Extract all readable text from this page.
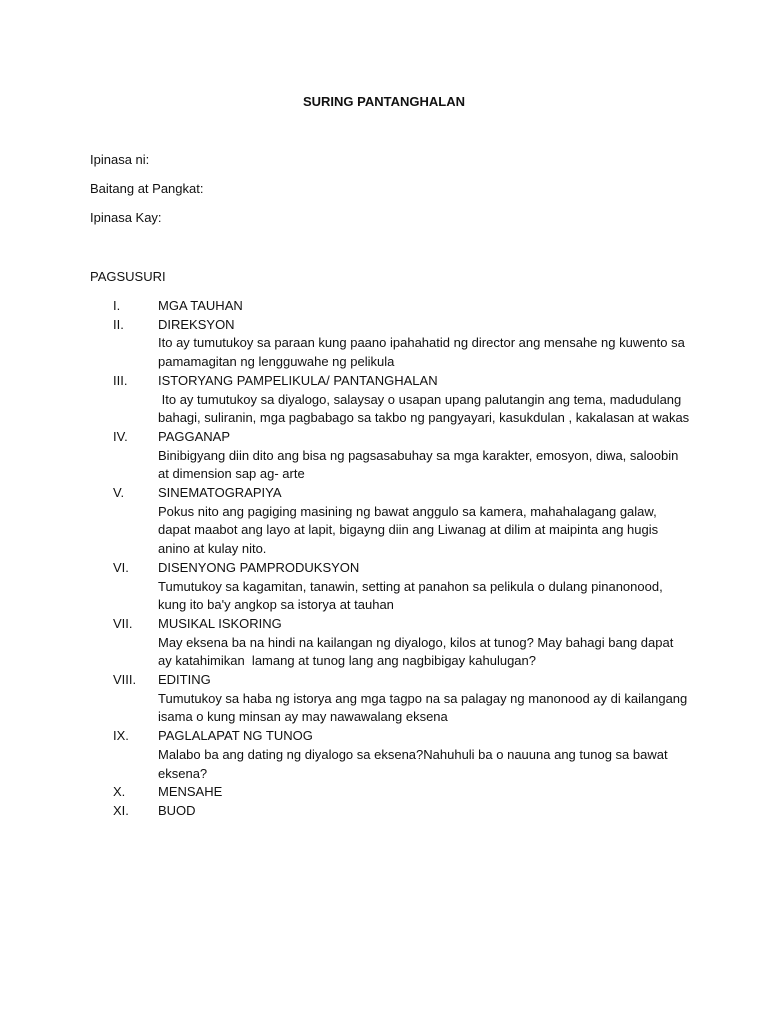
SURING PANTANGHALAN
Ipinasa ni:
Baitang at Pangkat:
Ipinasa Kay:
PAGSUSURI
I.	MGA TAUHAN
II.	DIREKSYON
Ito ay tumutukoy sa paraan kung paano ipahahatid ng director ang mensahe ng kuwento sa pamamagitan ng lengguwahe ng pelikula
III. ISTORYANG PAMPELIKULA/ PANTANGHALAN
Ito ay tumutukoy sa diyalogo, salaysay o usapan upang palutangin ang tema, madudulang bahagi, suliranin, mga pagbabago sa takbo ng pangyayari, kasukdulan , kakalasan at wakas
IV. PAGGANAP
Binibigyang diin dito ang bisa ng pagsasabuhay sa mga karakter, emosyon, diwa, saloobin at dimension sap ag- arte
V.	SINEMATOGRAPIYA
Pokus nito ang pagiging masining ng bawat anggulo sa kamera, mahahalagang galaw, dapat maabot ang layo at lapit, bigayng diin ang Liwanag at dilim at maipinta ang hugis anino at kulay nito.
VI. DISENYONG PAMPRODUKSYON
Tumutukoy sa kagamitan, tanawin, setting at panahon sa pelikula o dulang pinanonood, kung ito ba'y angkop sa istorya at tauhan
VII. MUSIKAL ISKORING
May eksena ba na hindi na kailangan ng diyalogo, kilos at tunog? May bahagi bang dapat ay katahimikan  lamang at tunog lang ang nagbibigay kahulugan?
VIII. EDITING
Tumutukoy sa haba ng istorya ang mga tagpo na sa palagay ng manonood ay di kailangang isama o kung minsan ay may nawawalang eksena
IX. PAGLALAPAT NG TUNOG
Malabo ba ang dating ng diyalogo sa eksena?Nahuhuli ba o nauuna ang tunog sa bawat eksena?
X.	MENSAHE
XI. BUOD
